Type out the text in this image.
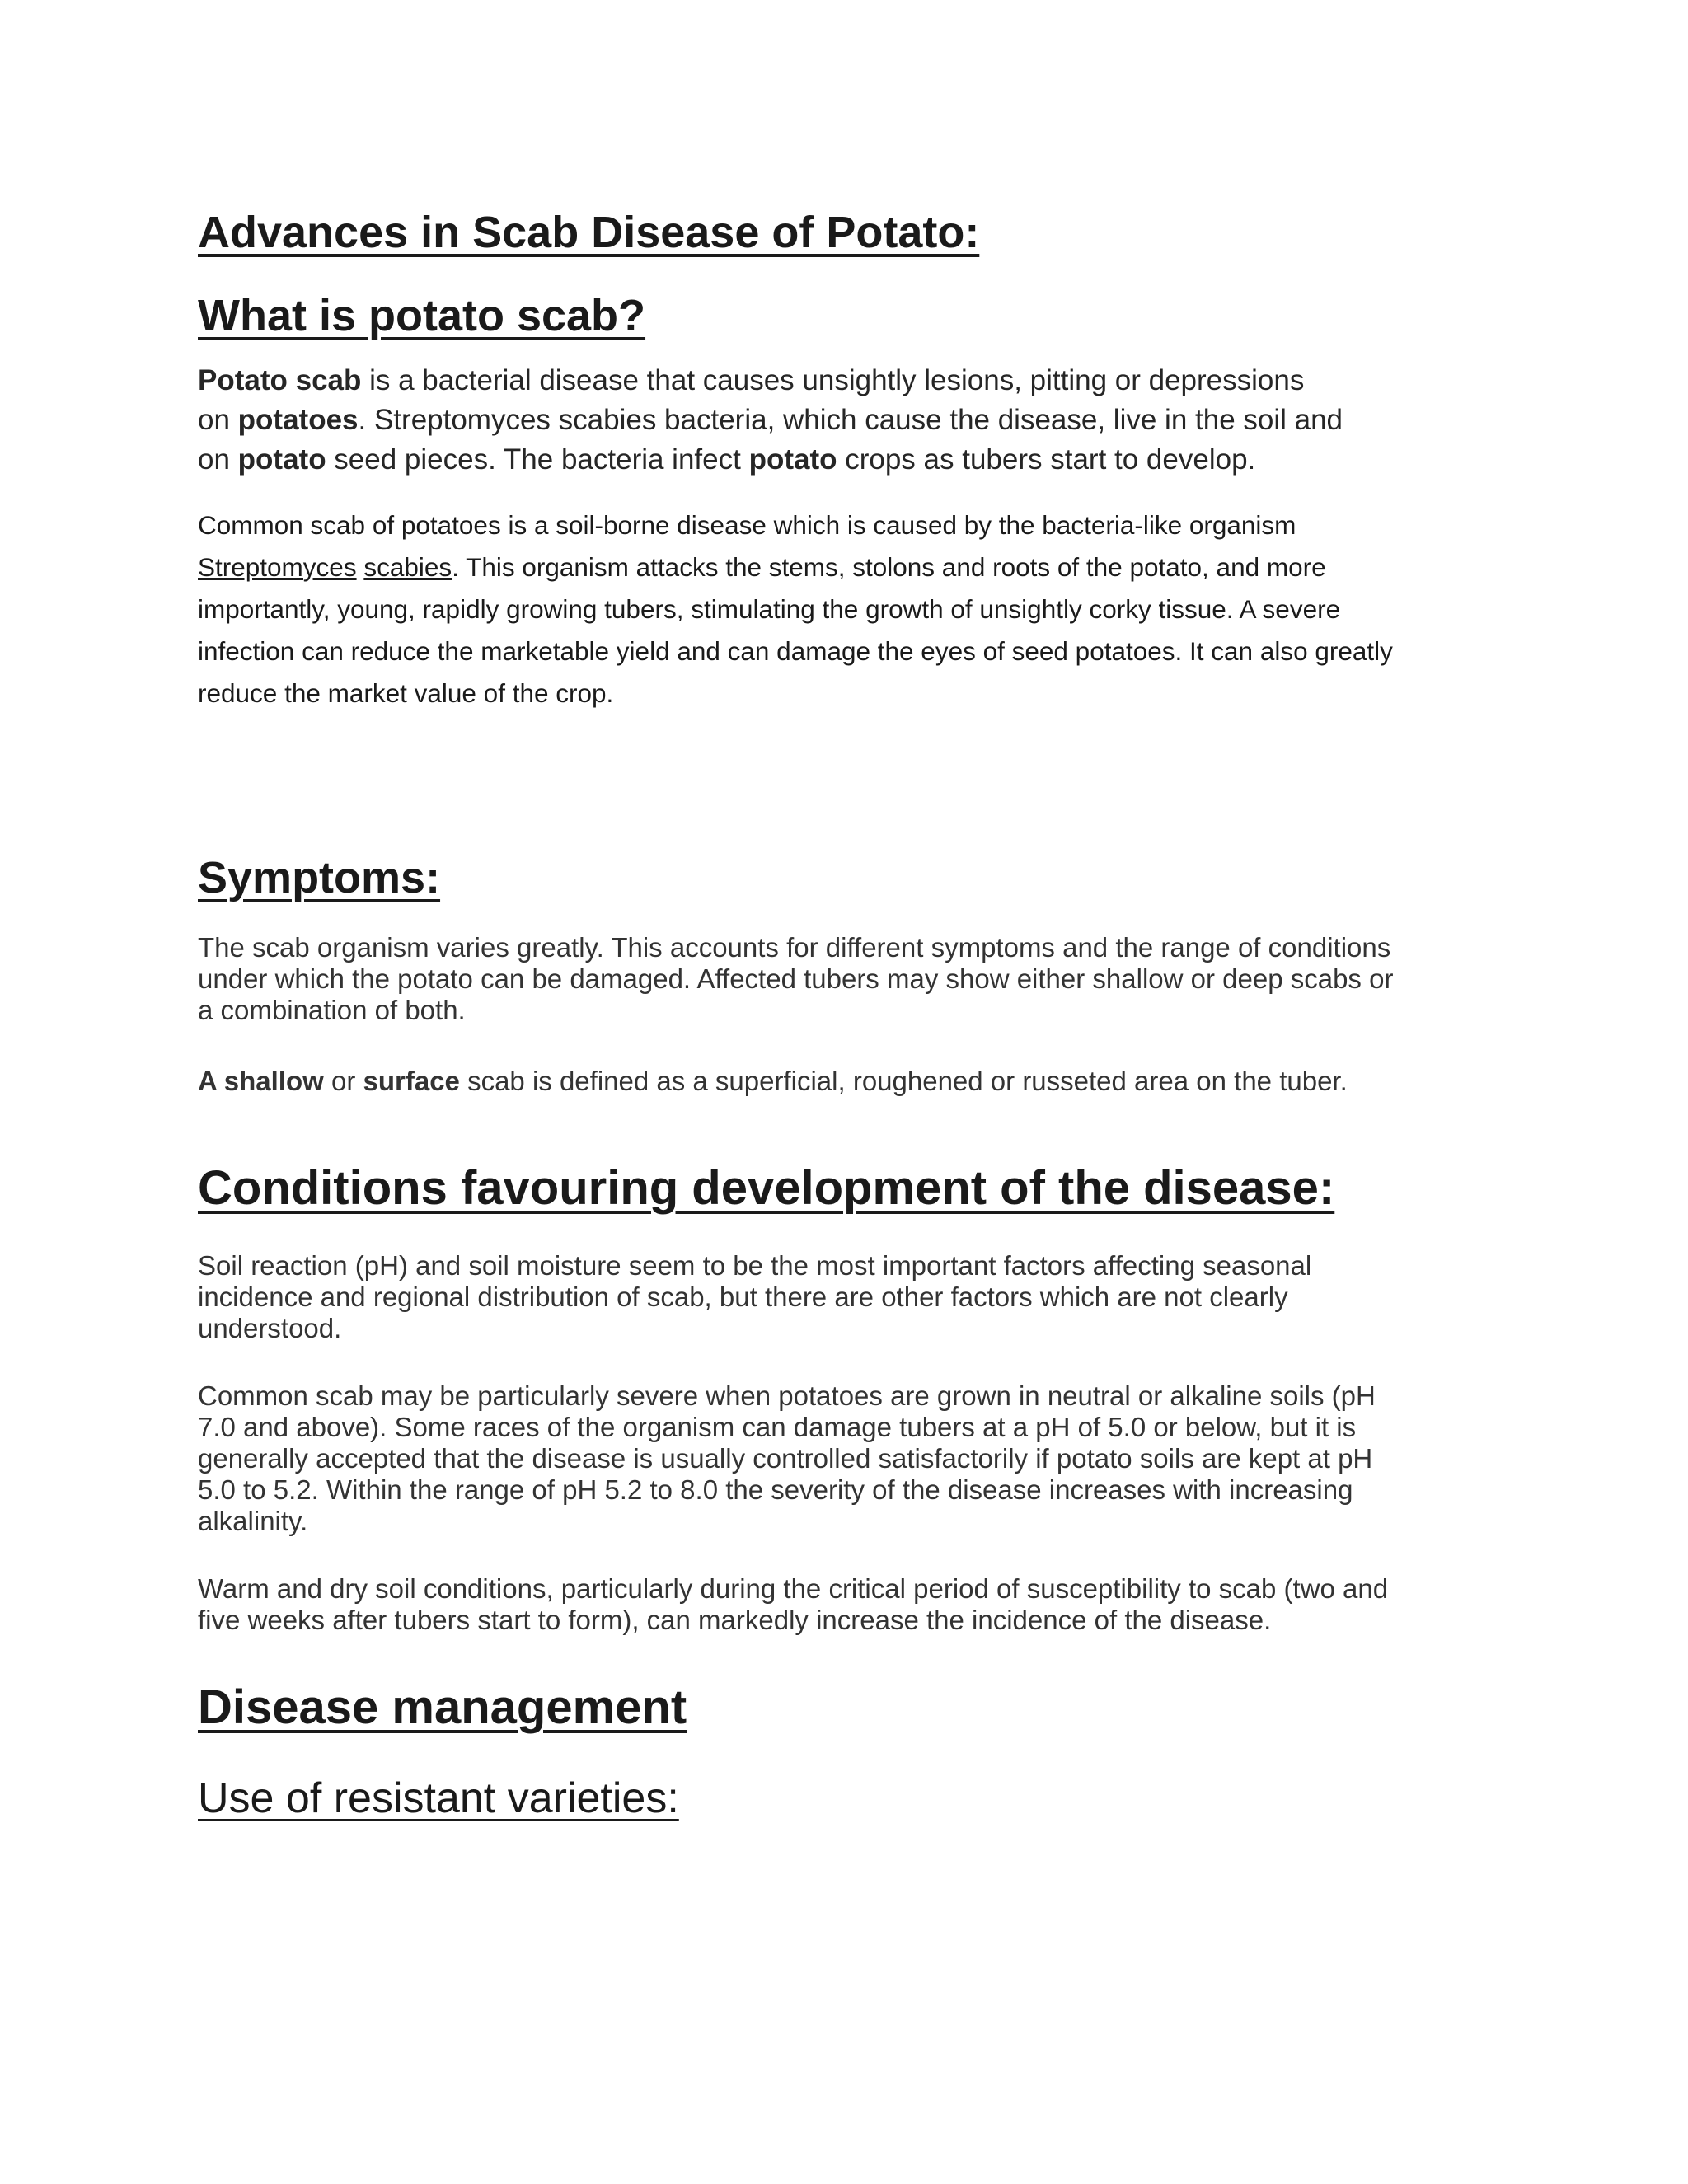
Advances in Scab Disease of Potato:
What is potato scab?

Potato scab is a bacterial disease that causes unsightly lesions, pitting or depressions
on potatoes. Streptomyces scabies bacteria, which cause the disease, live in the soil and
on potato seed pieces. The bacteria infect potato crops as tubers start to develop.

Common scab of potatoes is a soil-borne disease which is caused by the bacteria-like organism
Streptomyces scabies. This organism attacks the stems, stolons and roots of the potato, and more
importantly, young, rapidly growing tubers, stimulating the growth of unsightly corky tissue. A severe
infection can reduce the marketable yield and can damage the eyes of seed potatoes. It can also greatly
reduce the market value of the crop.

Symptoms:

The scab organism varies greatly. This accounts for different symptoms and the range of conditions
under which the potato can be damaged. Affected tubers may show either shallow or deep scabs or
a combination of both.

A shallow or surface scab is defined as a superficial, roughened or russeted area on the tuber.

Conditions favouring development of the disease:

Soil reaction (pH) and soil moisture seem to be the most important factors affecting seasonal
incidence and regional distribution of scab, but there are other factors which are not clearly
understood.

Common scab may be particularly severe when potatoes are grown in neutral or alkaline soils (pH
7.0 and above). Some races of the organism can damage tubers at a pH of 5.0 or below, but it is
generally accepted that the disease is usually controlled satisfactorily if potato soils are kept at pH
5.0 to 5.2. Within the range of pH 5.2 to 8.0 the severity of the disease increases with increasing
alkalinity.

Warm and dry soil conditions, particularly during the critical period of susceptibility to scab (two and
five weeks after tubers start to form), can markedly increase the incidence of the disease.

Disease management
Use of resistant varieties:
